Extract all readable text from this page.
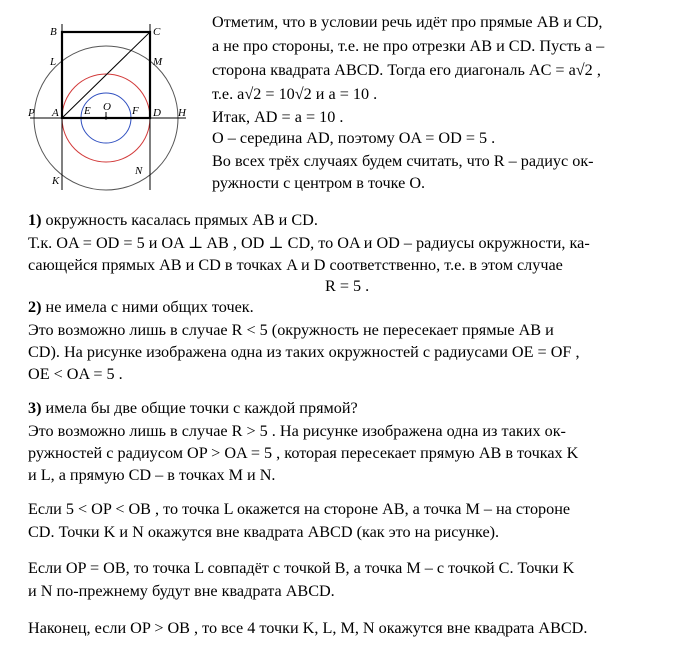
B	C
L	M
P A E O F D H
K
N
Отметим, что в условии речь идёт про прямые AB и CD,
а не про стороны, т.е. не про отрезки AB и CD. Пусть a –
сторона квадрата ABCD. Тогда его диагональ AC = a√2 ,
т.е. a√2 = 10√2 и a = 10 .
Итак, AD = a = 10 .
O – середина AD, поэтому OA = OD = 5 .
Во всех трёх случаях будем считать, что R – радиус ок-
ружности с центром в точке O.
1) окружность касалась прямых AB и CD.
Т.к. OA = OD = 5 и OA ⊥ AB , OD ⊥ CD, то OA и OD – радиусы окружности, ка-
сающейся прямых AB и CD в точках A и D соответственно, т.е. в этом случае
R = 5 .
2) не имела с ними общих точек.
Это возможно лишь в случае R < 5 (окружность не пересекает прямые AB и
CD). На рисунке изображена одна из таких окружностей с радиусами OE = OF ,
OE < OA = 5 .
3) имела бы две общие точки с каждой прямой?
Это возможно лишь в случае R > 5 . На рисунке изображена одна из таких ок-
ружностей с радиусом OP > OA = 5 , которая пересекает прямую AB в точках K
и L, а прямую CD – в точках M и N.
Если 5 < OP < OB , то точка L окажется на стороне AB, а точка M – на стороне
CD. Точки K и N окажутся вне квадрата ABCD (как это на рисунке).
Если OP = OB, то точка L совпадёт с точкой B, а точка M – с точкой C. Точки K
и N по-прежнему будут вне квадрата ABCD.
Наконец, если OP > OB , то все 4 точки K, L, M, N окажутся вне квадрата ABCD.
